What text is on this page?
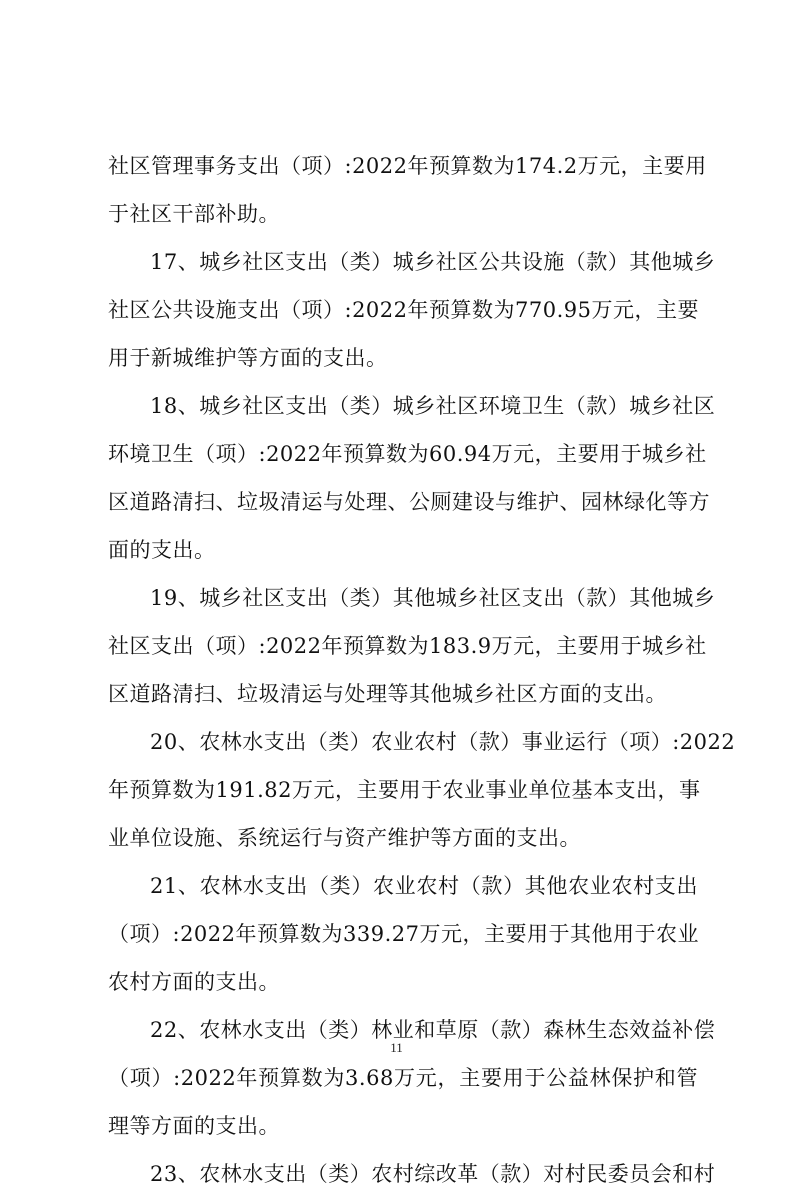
社区管理事务支出（项）:2022年预算数为174.2万元，主要用
于社区干部补助。

17、城乡社区支出（类）城乡社区公共设施（款）其他城乡
社区公共设施支出（项）:2022年预算数为770.95万元，主要
用于新城维护等方面的支出。

18、城乡社区支出（类）城乡社区环境卫生（款）城乡社区
环境卫生（项）:2022年预算数为60.94万元，主要用于城乡社
区道路清扫、垃圾清运与处理、公厕建设与维护、园林绿化等方
面的支出。

19、城乡社区支出（类）其他城乡社区支出（款）其他城乡
社区支出（项）:2022年预算数为183.9万元，主要用于城乡社
区道路清扫、垃圾清运与处理等其他城乡社区方面的支出。

20、农林水支出（类）农业农村（款）事业运行（项）:2022
年预算数为191.82万元，主要用于农业事业单位基本支出，事
业单位设施、系统运行与资产维护等方面的支出。

21、农林水支出（类）农业农村（款）其他农业农村支出
（项）:2022年预算数为339.27万元，主要用于其他用于农业
农村方面的支出。

22、农林水支出（类）林业和草原（款）森林生态效益补偿
（项）:2022年预算数为3.68万元，主要用于公益林保护和管
理等方面的支出。

23、农林水支出（类）农村综改革（款）对村民委员会和村

11
